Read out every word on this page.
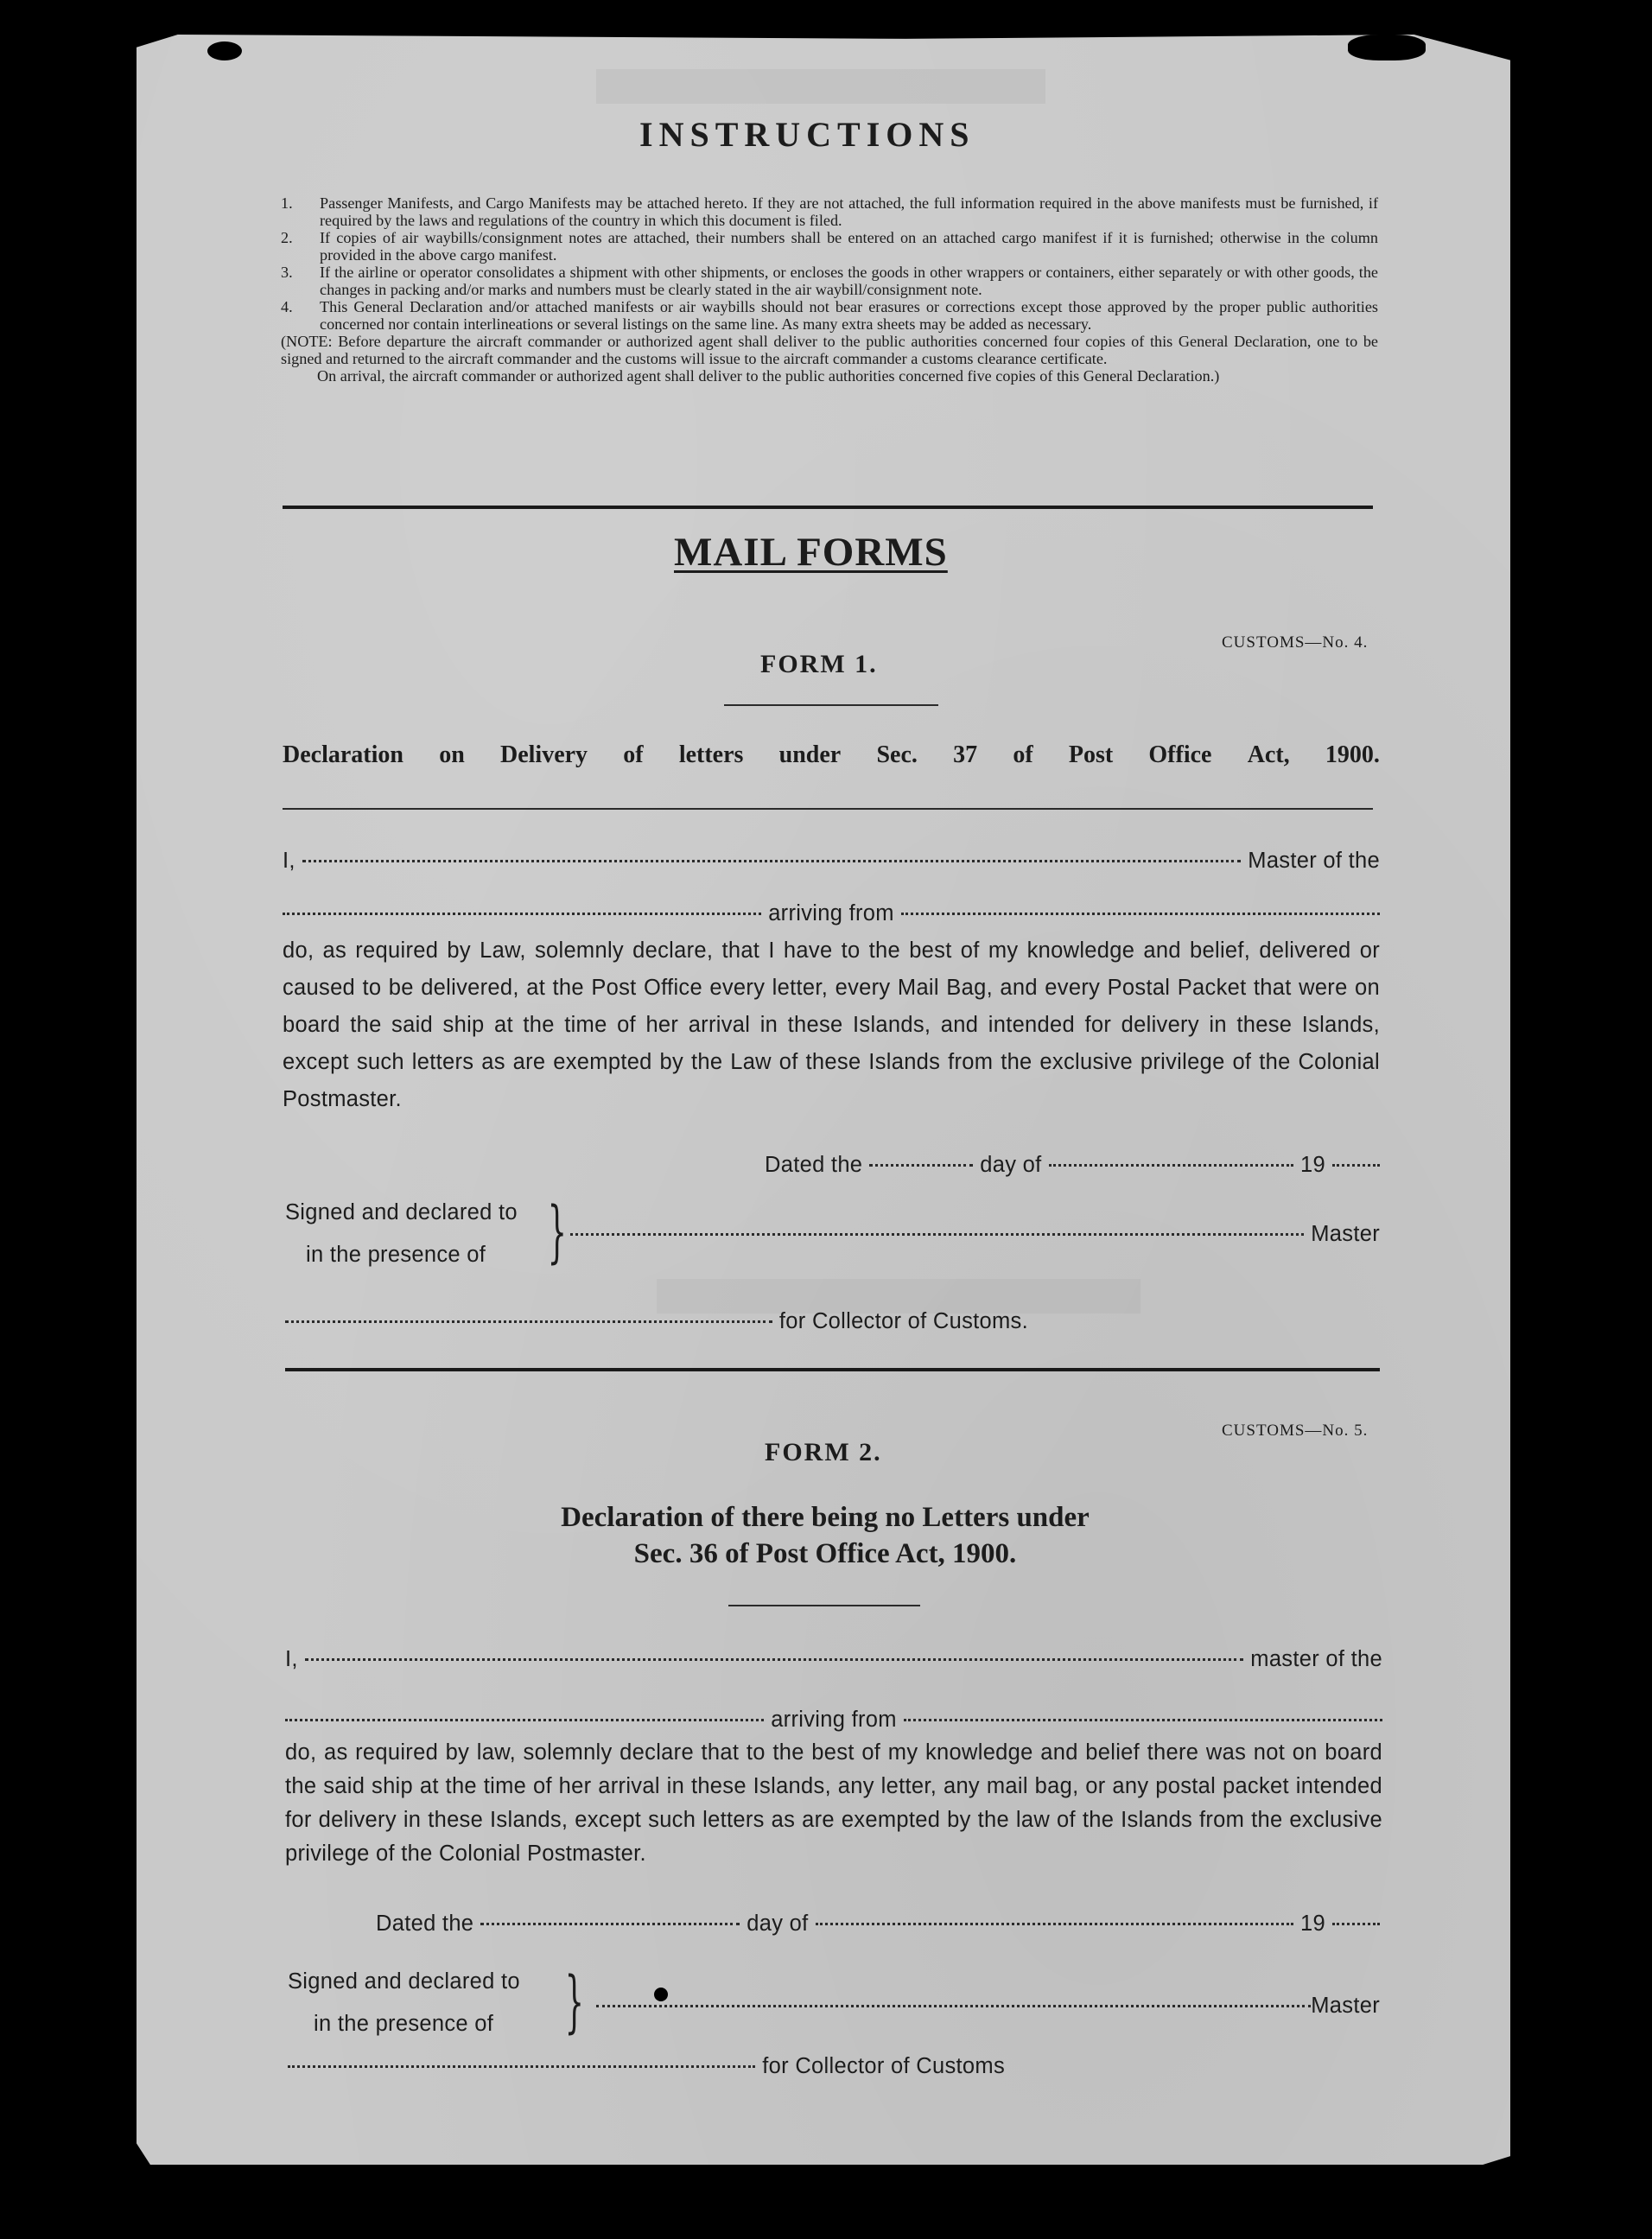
INSTRUCTIONS
1.	Passenger Manifests, and Cargo Manifests may be attached hereto. If they are not attached, the full information required in the above manifests must be furnished, if required by the laws and regulations of the country in which this document is filed.
2.	If copies of air waybills/consignment notes are attached, their numbers shall be entered on an attached cargo manifest if it is furnished; otherwise in the column provided in the above cargo manifest.
3.	If the airline or operator consolidates a shipment with other shipments, or encloses the goods in other wrappers or containers, either separately or with other goods, the changes in packing and/or marks and numbers must be clearly stated in the air waybill/consignment note.
4.	This General Declaration and/or attached manifests or air waybills should not bear erasures or corrections except those approved by the proper public authorities concerned nor contain interlineations or several listings on the same line. As many extra sheets may be added as necessary.
(NOTE: Before departure the aircraft commander or authorized agent shall deliver to the public authorities concerned four copies of this General Declaration, one to be signed and returned to the aircraft commander and the customs will issue to the aircraft commander a customs clearance certificate.
On arrival, the aircraft commander or authorized agent shall deliver to the public authorities concerned five copies of this General Declaration.)
MAIL FORMS
CUSTOMS—No. 4.
FORM 1.
Declaration on Delivery of letters under Sec. 37 of Post Office Act, 1900.
I,	Master of the
arriving from
do, as required by Law, solemnly declare, that I have to the best of my knowledge and belief, delivered or caused to be delivered, at the Post Office every letter, every Mail Bag, and every Postal Packet that were on board the said ship at the time of her arrival in these Islands, and intended for delivery in these Islands, except such letters as are exempted by the Law of these Islands from the exclusive privilege of the Colonial Postmaster.
Dated the	day of	19
Signed and declared to
in the presence of }	Master
for Collector of Customs.
CUSTOMS—No. 5.
FORM 2.
Declaration of there being no Letters under
Sec. 36 of Post Office Act, 1900.
I,	master of the
arriving from
do, as required by law, solemnly declare that to the best of my knowledge and belief there was not on board the said ship at the time of her arrival in these Islands, any letter, any mail bag, or any postal packet intended for delivery in these Islands, except such letters as are exempted by the law of the Islands from the exclusive privilege of the Colonial Postmaster.
Dated the	day of	19
Signed and declared to
in the presence of	}	Master
for Collector of Customs
